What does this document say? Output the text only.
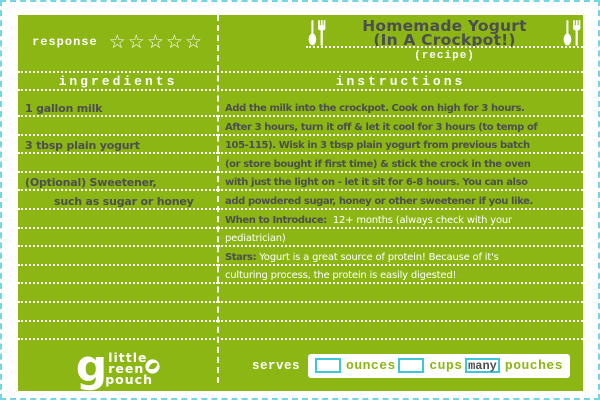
response ☆☆☆☆☆
Homemade Yogurt
(In A Crockpot!)
(recipe)
ingredients	instructions
1 gallon milk
3 tbsp plain yogurt
(Optional) Sweetener,
such as sugar or honey
Add the milk into the crockpot. Cook on high for 3 hours.
After 3 hours, turn it off & let it cool for 3 hours (to temp of
105-115). Wisk in 3 tbsp plain yogurt from previous batch
(or store bought if first time) & stick the crock in the oven
with just the light on - let it sit for 6-8 hours. You can also
add powdered sugar, honey or other sweetener if you like.
When to Introduce: 12+ months (always check with your
pediatrician)
Stars: Yogurt is a great source of protein! Because of it's
culturing process, the protein is easily digested!
g little
reen
pouch
serves	ounces	cups many pouches
